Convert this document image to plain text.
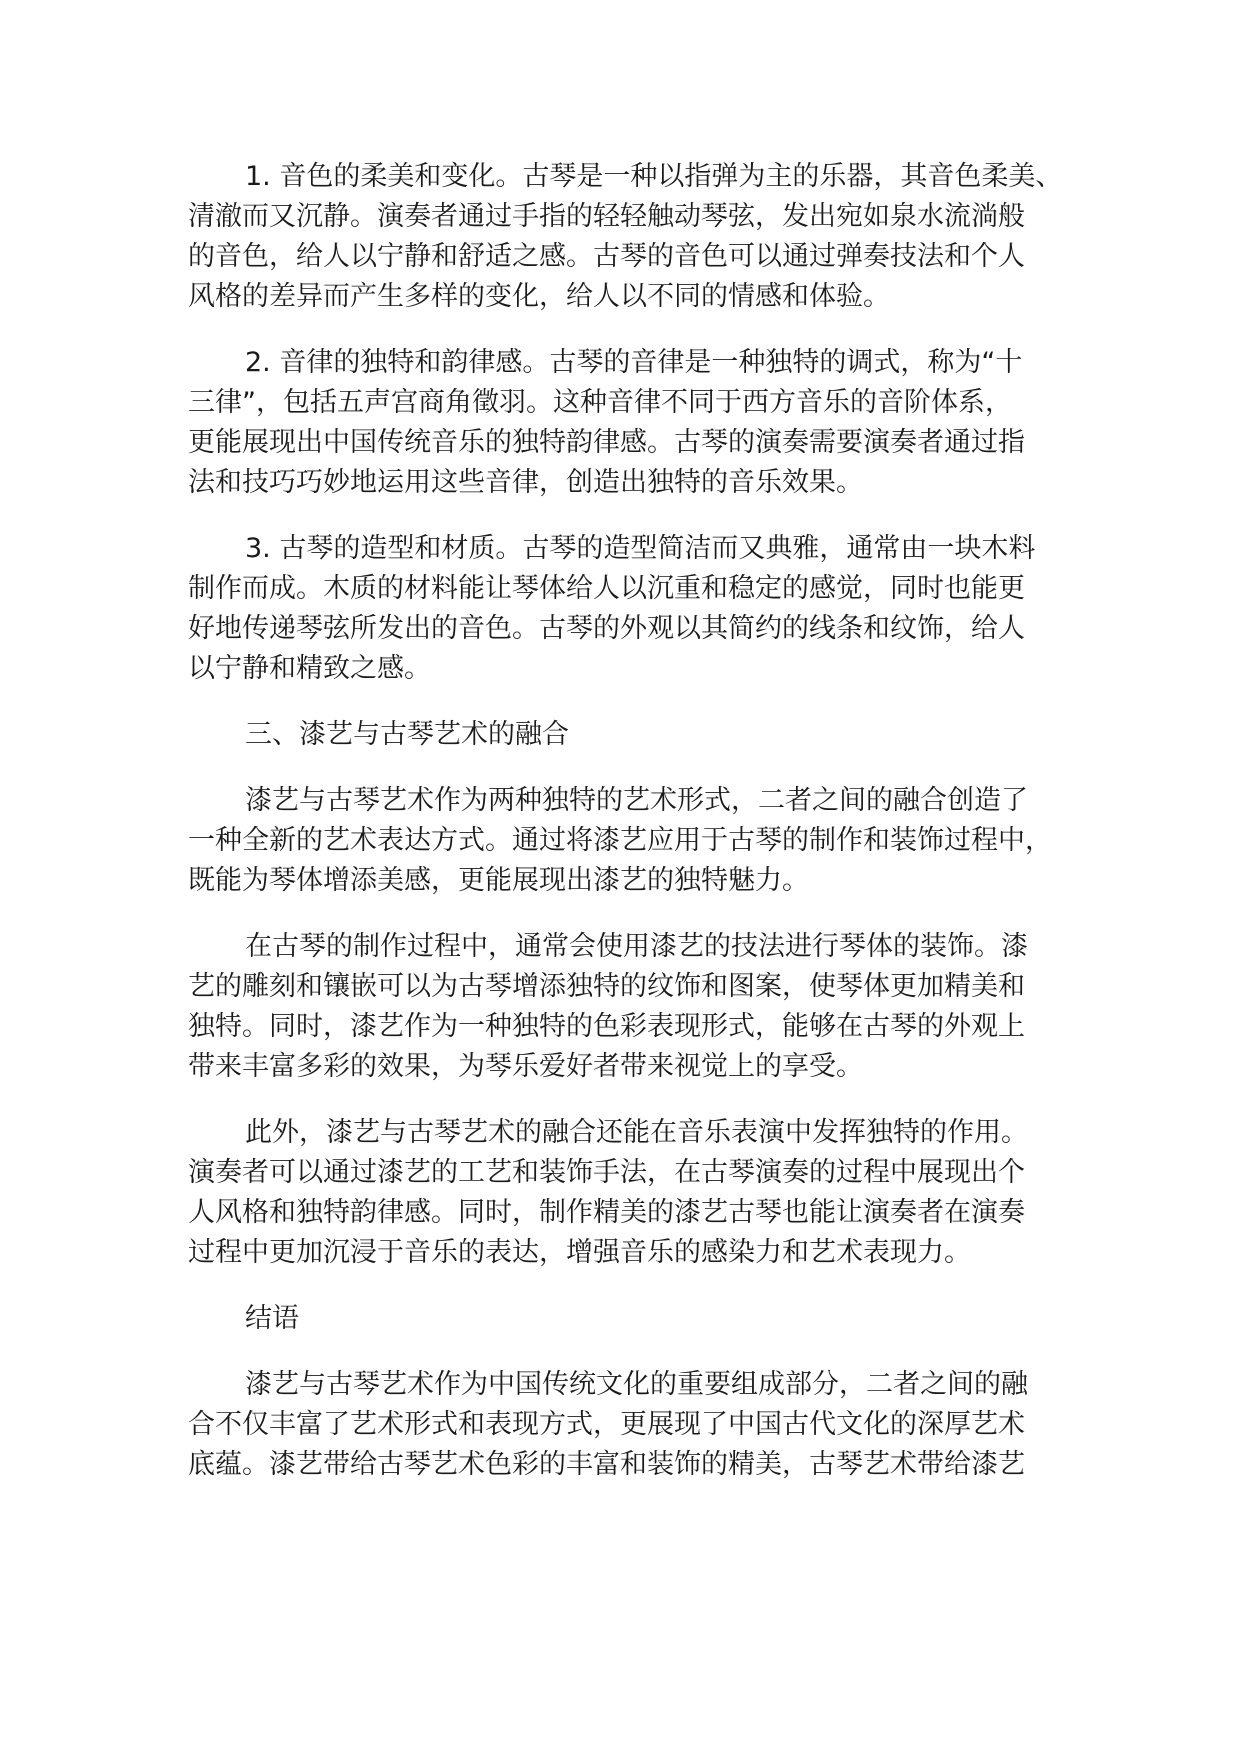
1. 音色的柔美和变化。古琴是一种以指弹为主的乐器，其音色柔美、
清澈而又沉静。演奏者通过手指的轻轻触动琴弦，发出宛如泉水流淌般
的音色，给人以宁静和舒适之感。古琴的音色可以通过弹奏技法和个人
风格的差异而产生多样的变化，给人以不同的情感和体验。
2. 音律的独特和韵律感。古琴的音律是一种独特的调式，称为“十
三律”，包括五声宫商角徵羽。这种音律不同于西方音乐的音阶体系，
更能展现出中国传统音乐的独特韵律感。古琴的演奏需要演奏者通过指
法和技巧巧妙地运用这些音律，创造出独特的音乐效果。
3. 古琴的造型和材质。古琴的造型简洁而又典雅，通常由一块木料
制作而成。木质的材料能让琴体给人以沉重和稳定的感觉，同时也能更
好地传递琴弦所发出的音色。古琴的外观以其简约的线条和纹饰，给人
以宁静和精致之感。
三、漆艺与古琴艺术的融合
漆艺与古琴艺术作为两种独特的艺术形式，二者之间的融合创造了
一种全新的艺术表达方式。通过将漆艺应用于古琴的制作和装饰过程中，
既能为琴体增添美感，更能展现出漆艺的独特魅力。
在古琴的制作过程中，通常会使用漆艺的技法进行琴体的装饰。漆
艺的雕刻和镶嵌可以为古琴增添独特的纹饰和图案，使琴体更加精美和
独特。同时，漆艺作为一种独特的色彩表现形式，能够在古琴的外观上
带来丰富多彩的效果，为琴乐爱好者带来视觉上的享受。
此外，漆艺与古琴艺术的融合还能在音乐表演中发挥独特的作用。
演奏者可以通过漆艺的工艺和装饰手法，在古琴演奏的过程中展现出个
人风格和独特韵律感。同时，制作精美的漆艺古琴也能让演奏者在演奏
过程中更加沉浸于音乐的表达，增强音乐的感染力和艺术表现力。
结语
漆艺与古琴艺术作为中国传统文化的重要组成部分，二者之间的融
合不仅丰富了艺术形式和表现方式，更展现了中国古代文化的深厚艺术
底蕴。漆艺带给古琴艺术色彩的丰富和装饰的精美，古琴艺术带给漆艺
